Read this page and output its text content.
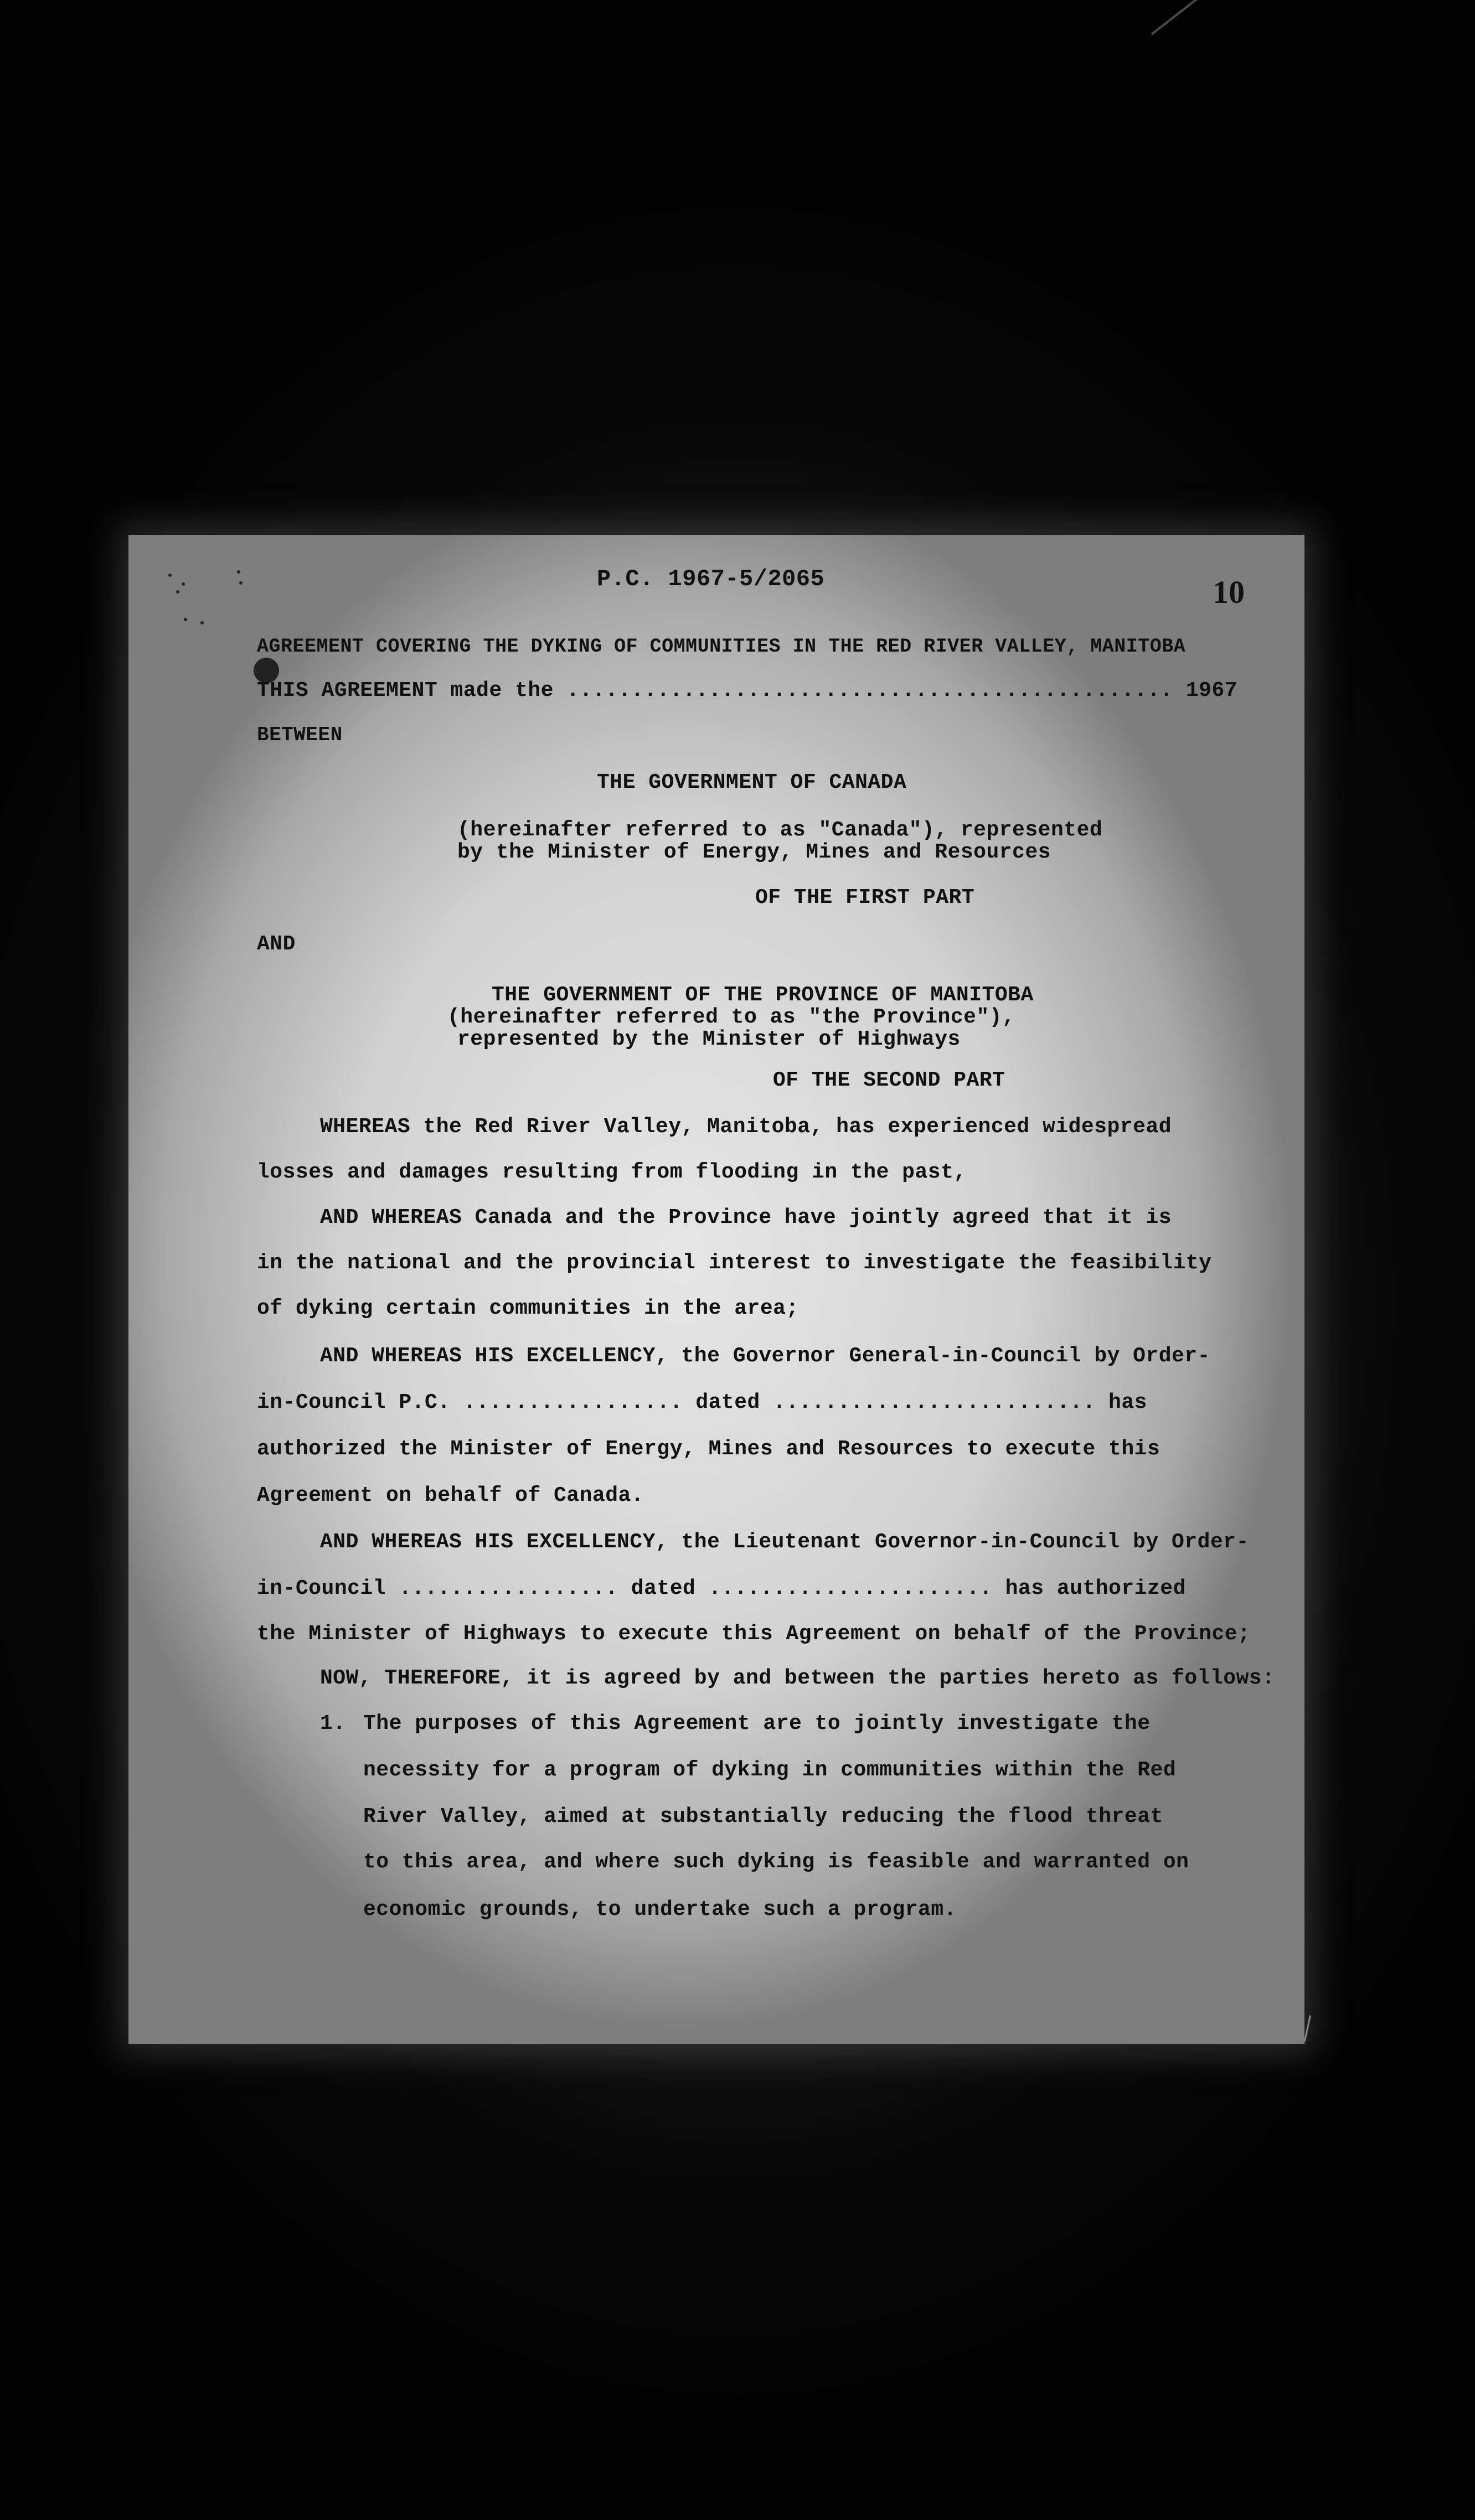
P.C. 1967-5/2065	10
AGREEMENT COVERING THE DYKING OF COMMUNITIES IN THE RED RIVER VALLEY, MANITOBA
THIS AGREEMENT made the ............................................... 1967
BETWEEN
THE GOVERNMENT OF CANADA
(hereinafter referred to as "Canada"), represented
by the Minister of Energy, Mines and Resources
OF THE FIRST PART
AND
THE GOVERNMENT OF THE PROVINCE OF MANITOBA
(hereinafter referred to as "the Province"),
represented by the Minister of Highways
OF THE SECOND PART
WHEREAS the Red River Valley, Manitoba, has experienced widespread
losses and damages resulting from flooding in the past,
AND WHEREAS Canada and the Province have jointly agreed that it is
in the national and the provincial interest to investigate the feasibility
of dyking certain communities in the area;
AND WHEREAS HIS EXCELLENCY, the Governor General-in-Council by Order-
in-Council P.C. ................. dated ......................... has
authorized the Minister of Energy, Mines and Resources to execute this
Agreement on behalf of Canada.
AND WHEREAS HIS EXCELLENCY, the Lieutenant Governor-in-Council by Order-
in-Council ................. dated ...................... has authorized
the Minister of Highways to execute this Agreement on behalf of the Province;
NOW, THEREFORE, it is agreed by and between the parties hereto as follows:
1. The purposes of this Agreement are to jointly investigate the
necessity for a program of dyking in communities within the Red
River Valley, aimed at substantially reducing the flood threat
to this area, and where such dyking is feasible and warranted on
economic grounds, to undertake such a program.
